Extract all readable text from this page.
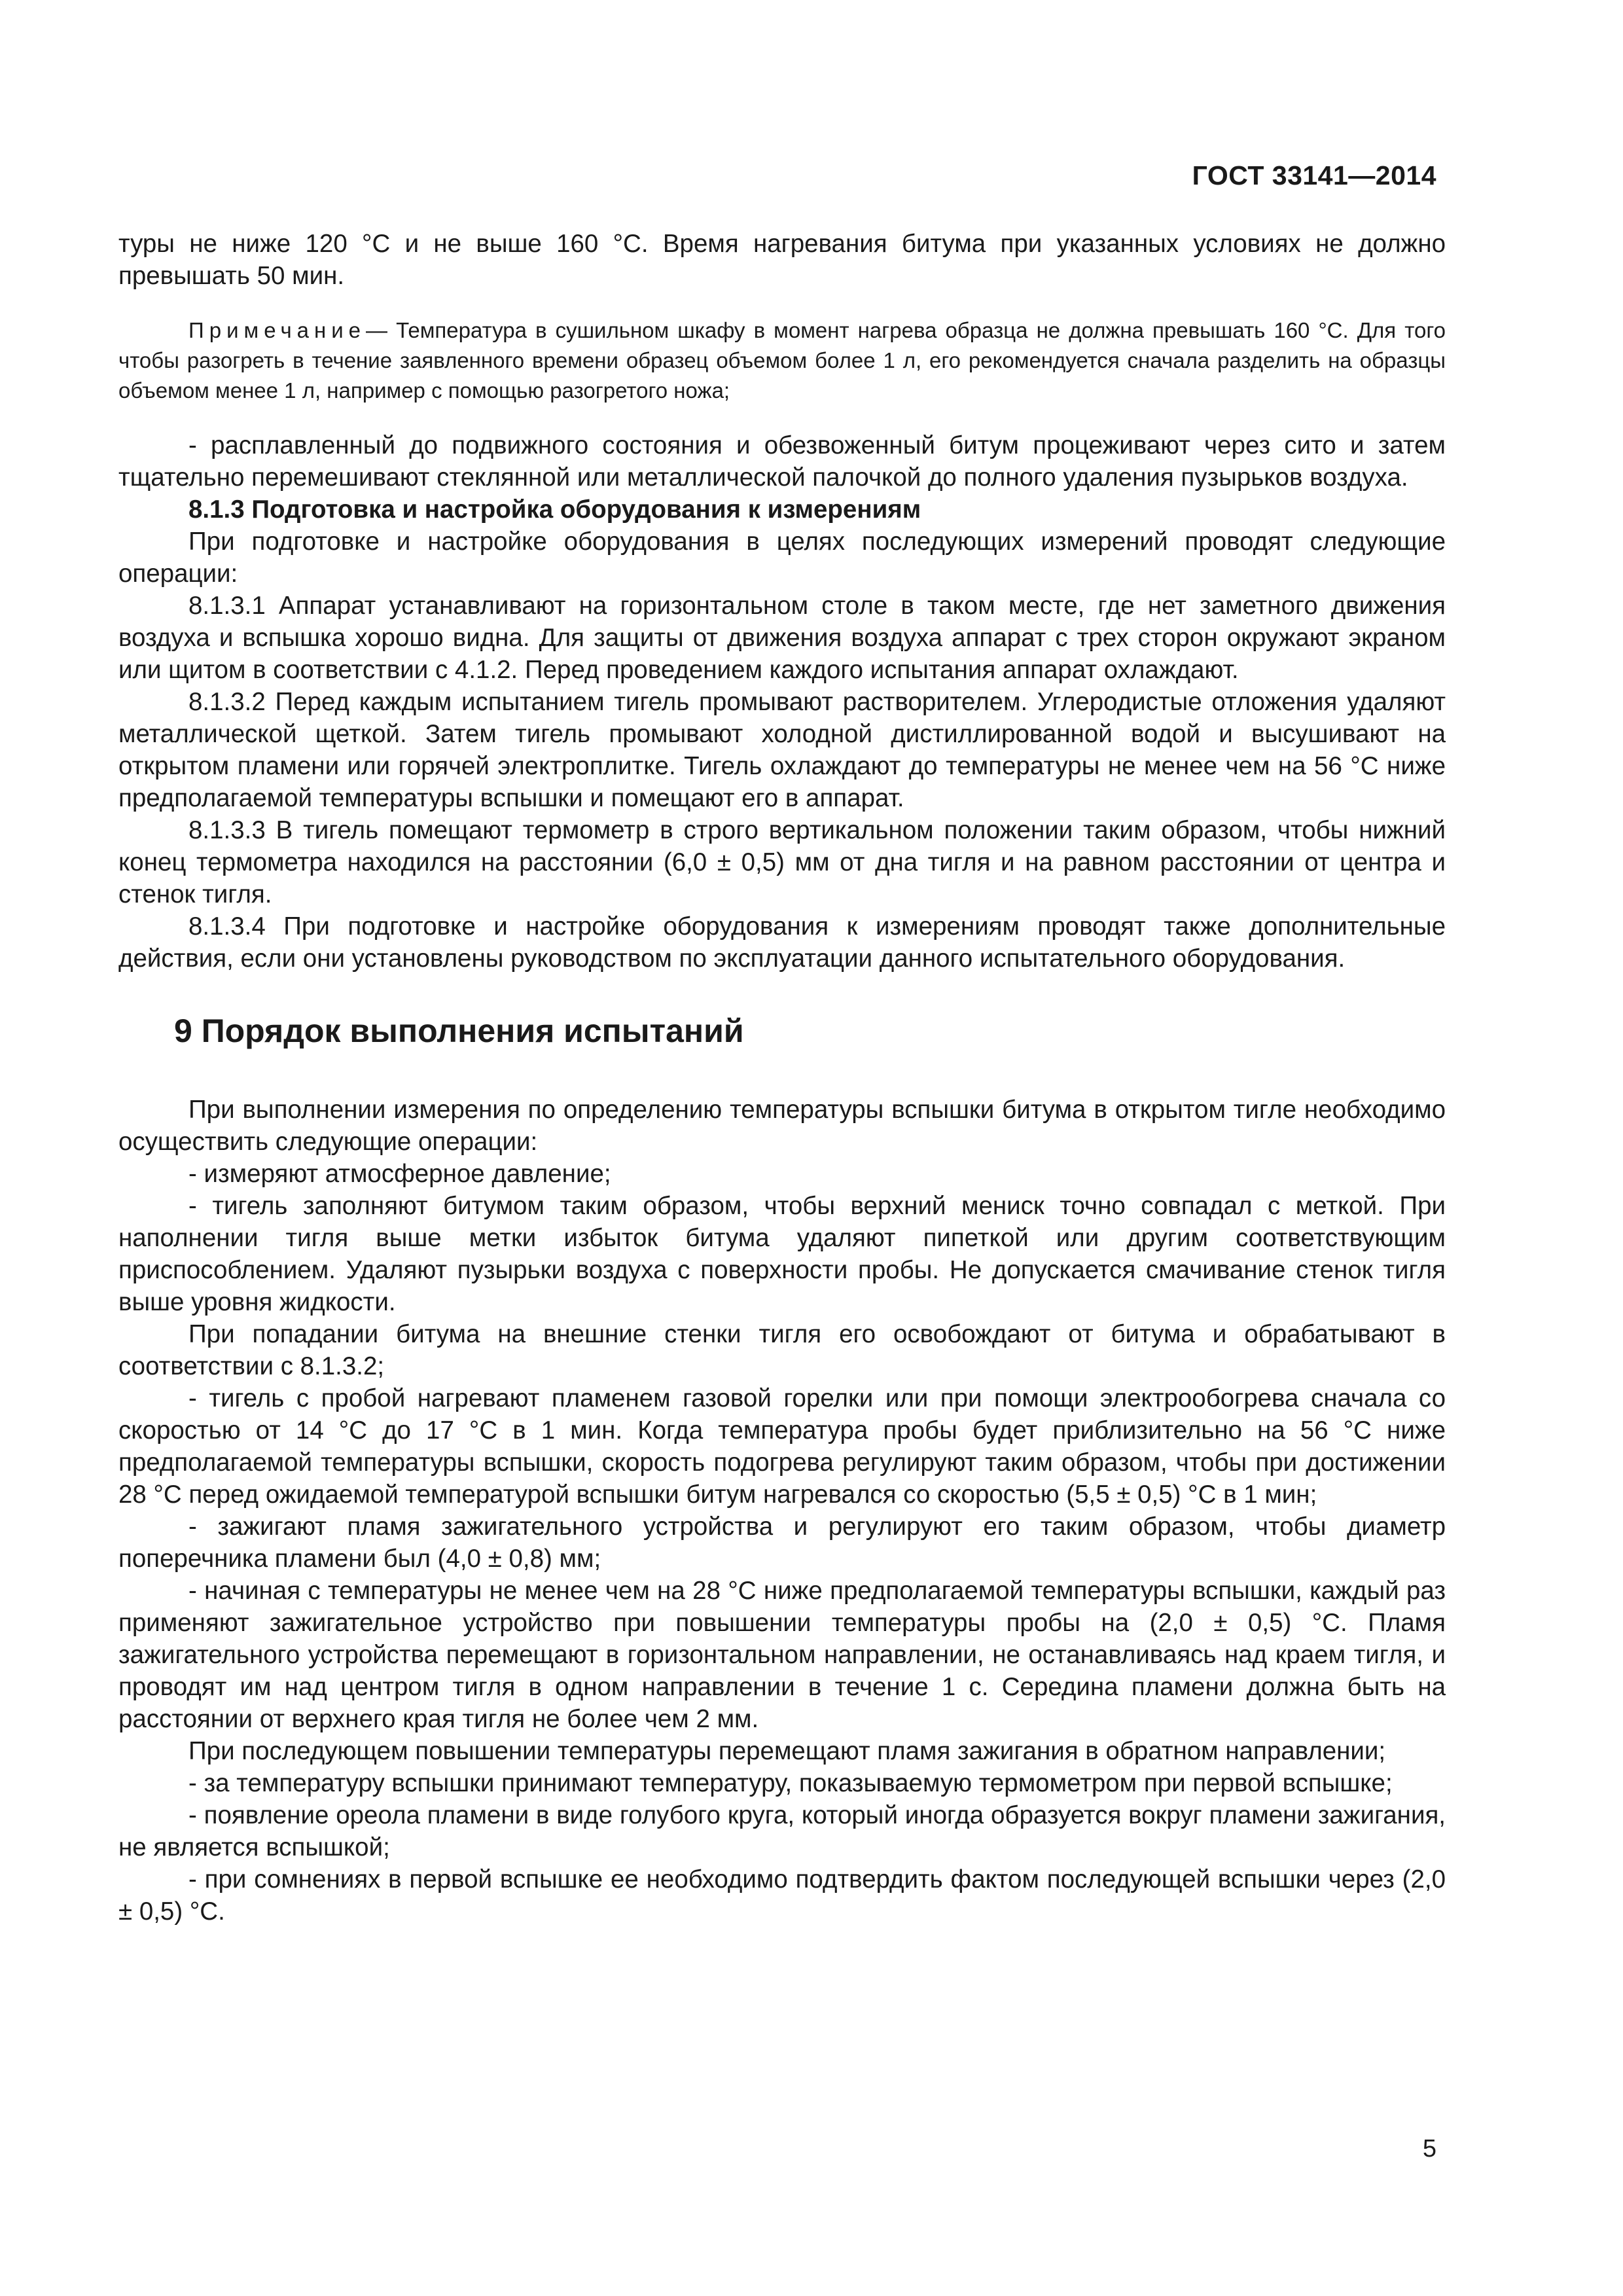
ГОСТ 33141—2014

туры не ниже 120 °С и не выше 160 °С. Время нагревания битума при указанных условиях не должно превышать 50 мин.

Примечание— Температура в сушильном шкафу в момент нагрева образца не должна превышать 160 °С. Для того чтобы разогреть в течение заявленного времени образец объемом более 1 л, его рекомендуется сначала разделить на образцы объемом менее 1 л, например с помощью разогретого ножа;

- расплавленный до подвижного состояния и обезвоженный битум процеживают через сито и затем тщательно перемешивают стеклянной или металлической палочкой до полного удаления пузырьков воздуха.

8.1.3 Подготовка и настройка оборудования к измерениям

При подготовке и настройке оборудования в целях последующих измерений проводят следующие операции:

8.1.3.1 Аппарат устанавливают на горизонтальном столе в таком месте, где нет заметного движения воздуха и вспышка хорошо видна. Для защиты от движения воздуха аппарат с трех сторон окружают экраном или щитом в соответствии с 4.1.2. Перед проведением каждого испытания аппарат охлаждают.

8.1.3.2 Перед каждым испытанием тигель промывают растворителем. Углеродистые отложения удаляют металлической щеткой. Затем тигель промывают холодной дистиллированной водой и высушивают на открытом пламени или горячей электроплитке. Тигель охлаждают до температуры не менее чем на 56 °С ниже предполагаемой температуры вспышки и помещают его в аппарат.

8.1.3.3 В тигель помещают термометр в строго вертикальном положении таким образом, чтобы нижний конец термометра находился на расстоянии (6,0 ± 0,5) мм от дна тигля и на равном расстоянии от центра и стенок тигля.

8.1.3.4 При подготовке и настройке оборудования к измерениям проводят также дополнительные действия, если они установлены руководством по эксплуатации данного испытательного оборудования.

9 Порядок выполнения испытаний

При выполнении измерения по определению температуры вспышки битума в открытом тигле необходимо осуществить следующие операции:

- измеряют атмосферное давление;

- тигель заполняют битумом таким образом, чтобы верхний мениск точно совпадал с меткой. При наполнении тигля выше метки избыток битума удаляют пипеткой или другим соответствующим приспособлением. Удаляют пузырьки воздуха с поверхности пробы. Не допускается смачивание стенок тигля выше уровня жидкости.

При попадании битума на внешние стенки тигля его освобождают от битума и обрабатывают в соответствии с 8.1.3.2;

- тигель с пробой нагревают пламенем газовой горелки или при помощи электрообогрева сначала со скоростью от 14 °С до 17 °С в 1 мин. Когда температура пробы будет приблизительно на 56 °С ниже предполагаемой температуры вспышки, скорость подогрева регулируют таким образом, чтобы при достижении 28 °С перед ожидаемой температурой вспышки битум нагревался со скоростью (5,5 ± 0,5) °С в 1 мин;

- зажигают пламя зажигательного устройства и регулируют его таким образом, чтобы диаметр поперечника пламени был (4,0 ± 0,8) мм;

- начиная с температуры не менее чем на 28 °С ниже предполагаемой температуры вспышки, каждый раз применяют зажигательное устройство при повышении температуры пробы на (2,0 ± 0,5) °С. Пламя зажигательного устройства перемещают в горизонтальном направлении, не останавливаясь над краем тигля, и проводят им над центром тигля в одном направлении в течение 1 с. Середина пламени должна быть на расстоянии от верхнего края тигля не более чем 2 мм.

При последующем повышении температуры перемещают пламя зажигания в обратном направлении;

- за температуру вспышки принимают температуру, показываемую термометром при первой вспышке;

- появление ореола пламени в виде голубого круга, который иногда образуется вокруг пламени зажигания, не является вспышкой;

- при сомнениях в первой вспышке ее необходимо подтвердить фактом последующей вспышки через (2,0 ± 0,5) °С.

5
